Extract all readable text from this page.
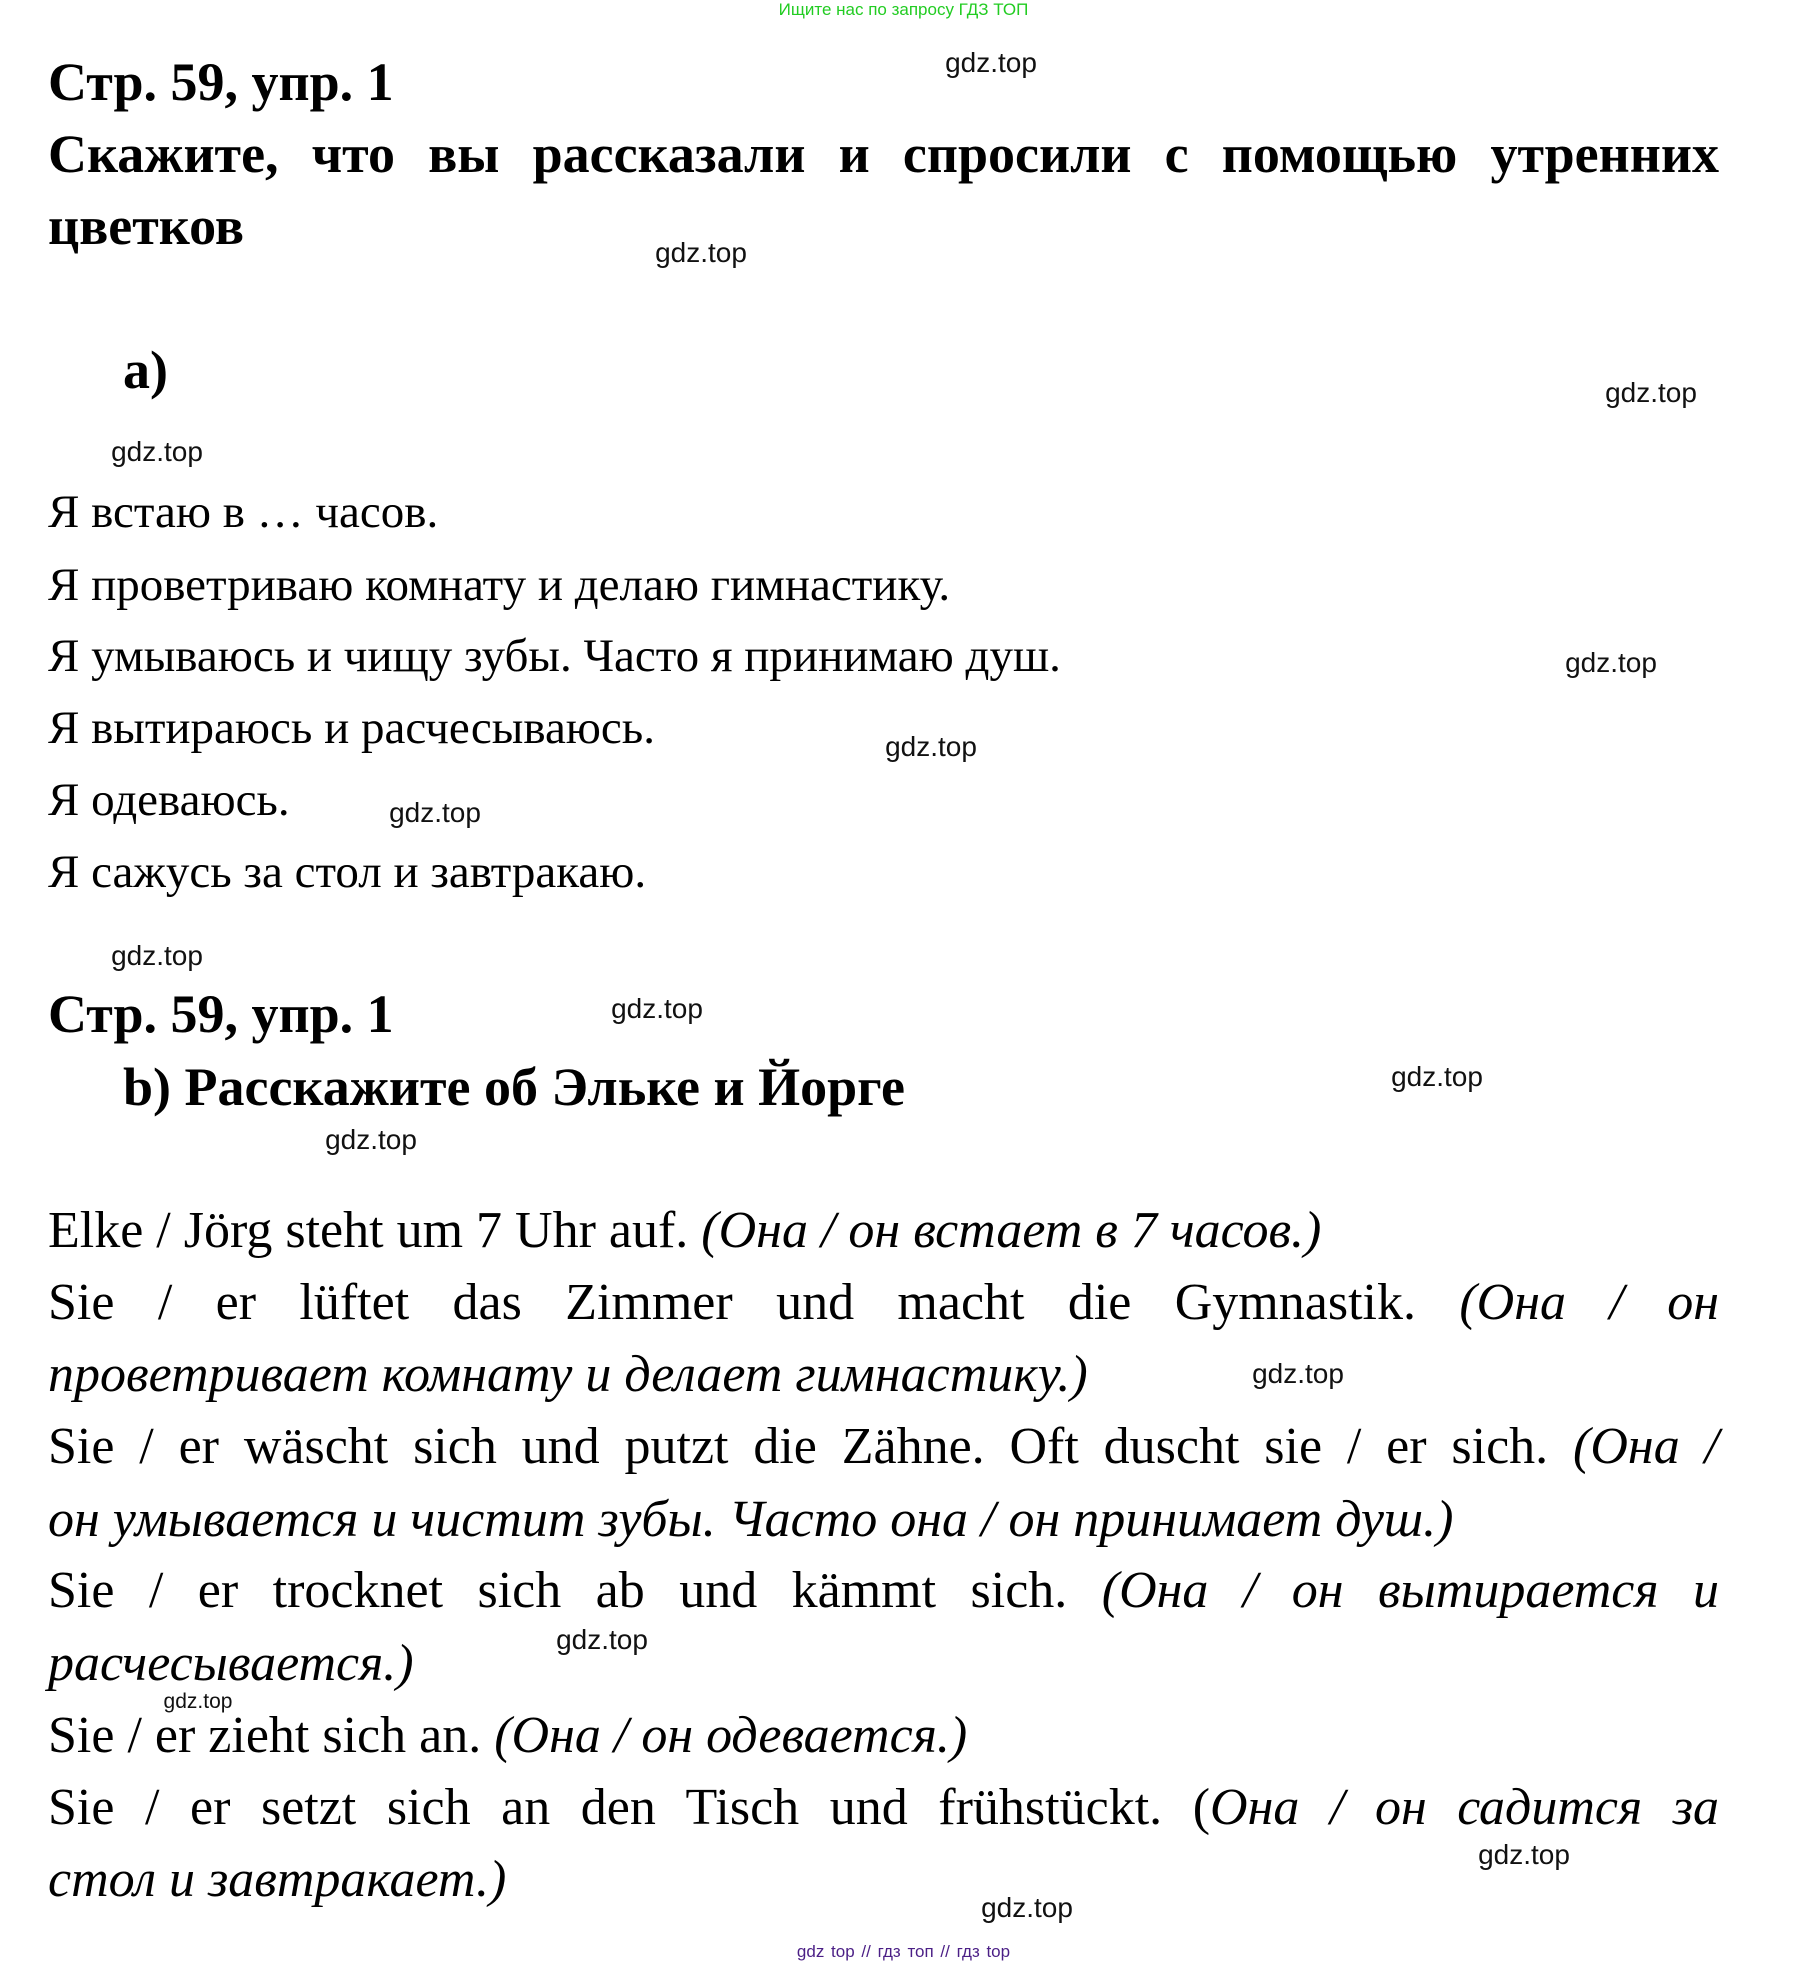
Ищите нас по запросу ГДЗ ТОП
Стр. 59, упр. 1
Скажите, что вы рассказали и спросили с помощью утренних
цветков
а)
Я встаю в … часов.
Я проветриваю комнату и делаю гимнастику.
Я умываюсь и чищу зубы. Часто я принимаю душ.
Я вытираюсь и расчесываюсь.
Я одеваюсь.
Я сажусь за стол и завтракаю.
Стр. 59, упр. 1
b) Расскажите об Эльке и Йорге
Elke / Jörg steht um 7 Uhr auf. (Она / он встает в 7 часов.)
Sie / er lüftet das Zimmer und macht die Gymnastik. (Она / он
проветривает комнату и делает гимнастику.)
Sie / er wäscht sich und putzt die Zähne. Oft duscht sie / er sich. (Она /
он умывается и чистит зубы. Часто она / он принимает душ.)
Sie / er trocknet sich ab und kämmt sich. (Она / он вытирается и
расчесывается.)
Sie / er zieht sich an. (Она / он одевается.)
Sie / er setzt sich an den Tisch und frühstückt. (Она / он садится за
стол и завтракает.)
gdz.top
gdz.top
gdz.top
gdz.top
gdz.top
gdz.top
gdz.top
gdz.top
gdz.top
gdz.top
gdz.top
gdz.top
gdz.top
gdz.top
gdz.top
gdz.top
gdz top // гдз топ // гдз top
